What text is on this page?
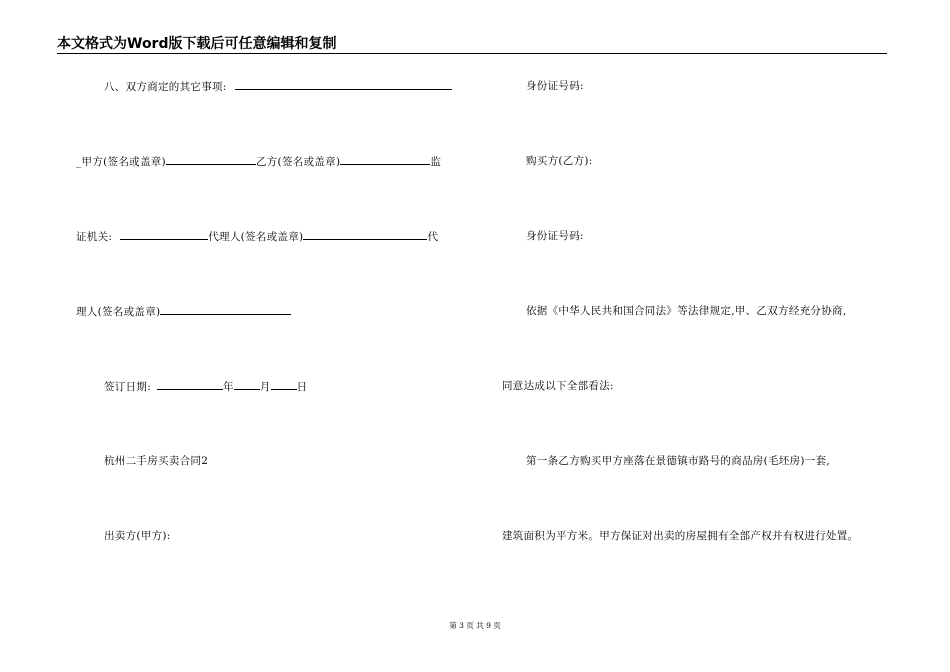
本文格式为Word版下载后可任意编辑和复制
八、双方商定的其它事项:
_甲方(签名或盖章)	乙方(签名或盖章)	监
证机关:	代理人(签名或盖章)	代
理人(签名或盖章)
签订日期:	年 月 日
杭州二手房买卖合同2
出卖方(甲方):
身份证号码:
购买方(乙方):
身份证号码:
依据《中华人民共和国合同法》等法律规定,甲、乙双方经充分协商,
同意达成以下全部看法:
第一条乙方购买甲方座落在景德镇市路号的商品房(毛坯房)一套,
建筑面积为平方米。甲方保证对出卖的房屋拥有全部产权并有权进行处置。
第 3 页 共 9 页
